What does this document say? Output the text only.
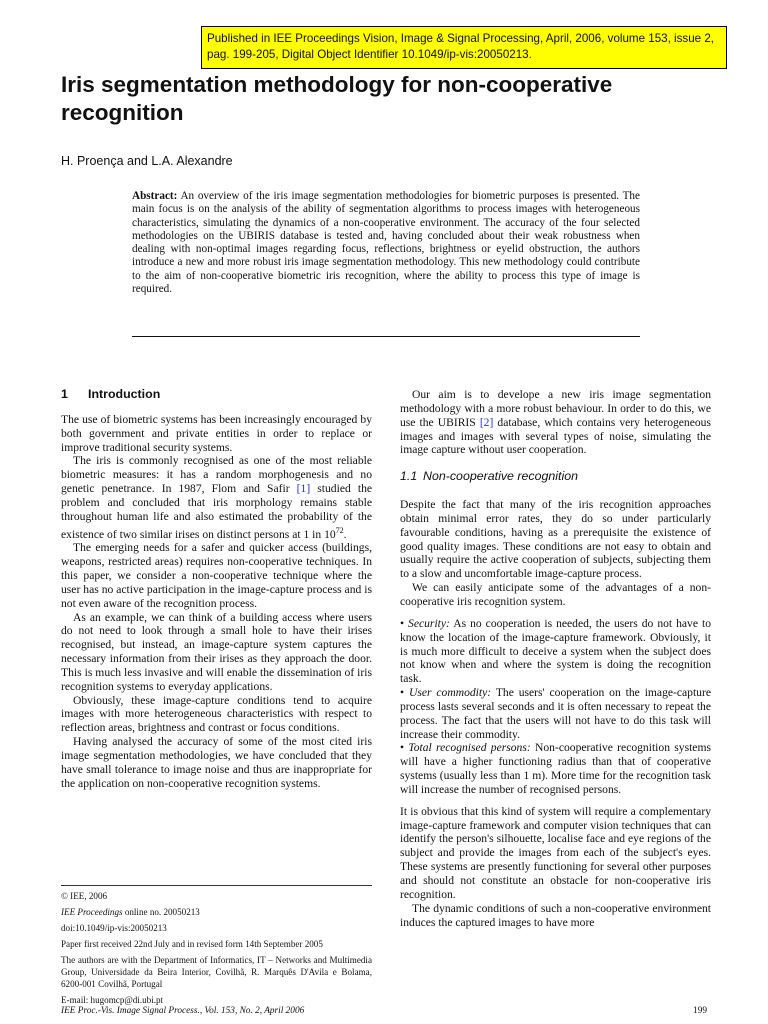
Published in IEE Proceedings Vision, Image & Signal Processing, April, 2006, volume 153, issue 2, pag. 199-205, Digital Object Identifier 10.1049/ip-vis:20050213.
Iris segmentation methodology for non-cooperative recognition
H. Proença and L.A. Alexandre
Abstract: An overview of the iris image segmentation methodologies for biometric purposes is presented. The main focus is on the analysis of the ability of segmentation algorithms to process images with heterogeneous characteristics, simulating the dynamics of a non-cooperative environment. The accuracy of the four selected methodologies on the UBIRIS database is tested and, having concluded about their weak robustness when dealing with non-optimal images regarding focus, reflections, brightness or eyelid obstruction, the authors introduce a new and more robust iris image segmentation methodology. This new methodology could contribute to the aim of non-cooperative biometric iris recognition, where the ability to process this type of image is required.

1 Introduction

The use of biometric systems has been increasingly encouraged by both government and private entities in order to replace or improve traditional security systems.

The iris is commonly recognised as one of the most reliable biometric measures: it has a random morphogenesis and no genetic penetrance. In 1987, Flom and Safir [1] studied the problem and concluded that iris morphology remains stable throughout human life and also estimated the probability of the existence of two similar irises on distinct persons at 1 in $10^{72}$.

The emerging needs for a safer and quicker access (buildings, weapons, restricted areas) requires non-cooperative techniques. In this paper, we consider a non-cooperative technique where the user has no active participation in the image-capture process and is not even aware of the recognition process.

As an example, we can think of a building access where users do not need to look through a small hole to have their irises recognised, but instead, an image-capture system captures the necessary information from their irises as they approach the door. This is much less invasive and will enable the dissemination of iris recognition systems to everyday applications.

Obviously, these image-capture conditions tend to acquire images with more heterogeneous characteristics with respect to reflection areas, brightness and contrast or focus conditions.

Having analysed the accuracy of some of the most cited iris image segmentation methodologies, we have concluded that they have small tolerance to image noise and thus are inappropriate for the application on non-cooperative recognition systems.

© IEE, 2006

IEE Proceedings online no. 20050213

doi:10.1049/ip-vis:20050213

Paper first received 22nd July and in revised form 14th September 2005

The authors are with the Department of Informatics, IT – Networks and Multimedia Group, Universidade da Beira Interior, Covilhã, R. Marquês D'Avila e Bolama, 6200-001 Covilhã, Portugal

E-mail: hugomcp@di.ubi.pt

Our aim is to develope a new iris image segmentation methodology with a more robust behaviour. In order to do this, we use the UBIRIS [2] database, which contains very heterogeneous images and images with several types of noise, simulating the image capture without user cooperation.

1.1 Non-cooperative recognition

Despite the fact that many of the iris recognition approaches obtain minimal error rates, they do so under particularly favourable conditions, having as a prerequisite the existence of good quality images. These conditions are not easy to obtain and usually require the active cooperation of subjects, subjecting them to a slow and uncomfortable image-capture process.

We can easily anticipate some of the advantages of a non-cooperative iris recognition system.

• Security: As no cooperation is needed, the users do not have to know the location of the image-capture framework. Obviously, it is much more difficult to deceive a system when the subject does not know when and where the system is doing the recognition task.

• User commodity: The users' cooperation on the image-capture process lasts several seconds and it is often necessary to repeat the process. The fact that the users will not have to do this task will increase their commodity.

• Total recognised persons: Non-cooperative recognition systems will have a higher functioning radius than that of cooperative systems (usually less than 1 m). More time for the recognition task will increase the number of recognised persons.

It is obvious that this kind of system will require a complementary image-capture framework and computer vision techniques that can identify the person's silhouette, localise face and eye regions of the subject and provide the images from each of the subject's eyes. These systems are presently functioning for several other purposes and should not constitute an obstacle for non-cooperative iris recognition.

The dynamic conditions of such a non-cooperative environment induces the captured images to have more

IEE Proc.-Vis. Image Signal Process., Vol. 153, No. 2, April 2006	199
